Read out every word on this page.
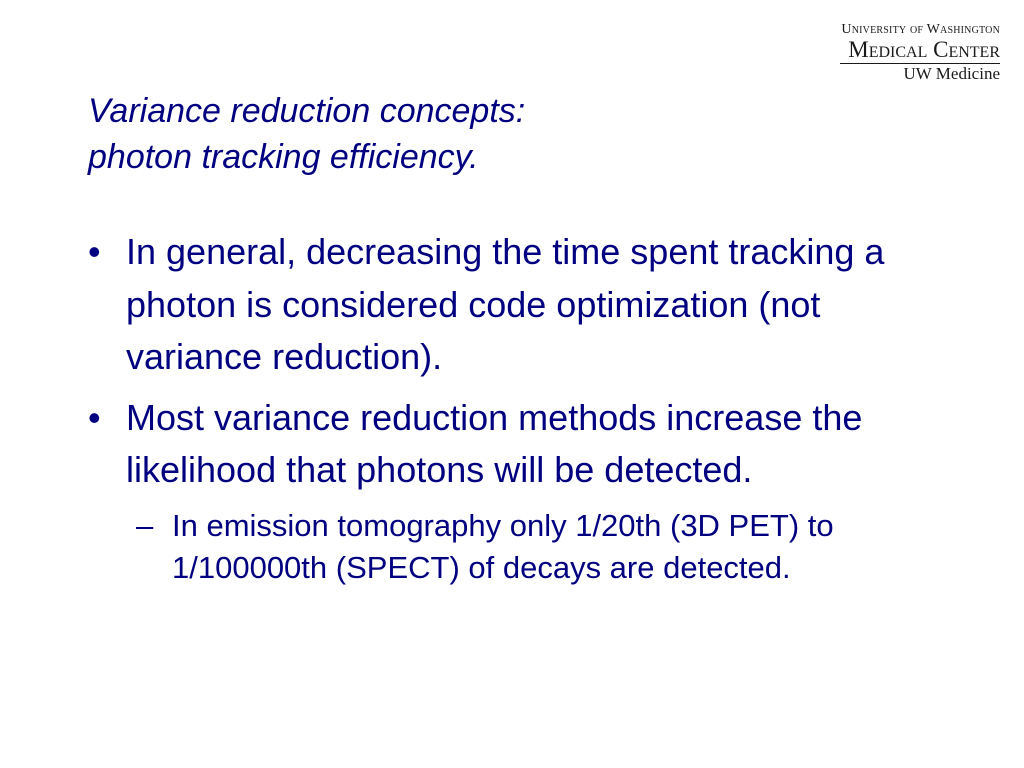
University of Washington
Medical Center
UW Medicine
Variance reduction concepts:
photon tracking efficiency.
• In general, decreasing the time spent tracking a photon is considered code optimization (not variance reduction).
• Most variance reduction methods increase the likelihood that photons will be detected.
– In emission tomography only 1/20th (3D PET) to 1/100000th (SPECT) of decays are detected.
